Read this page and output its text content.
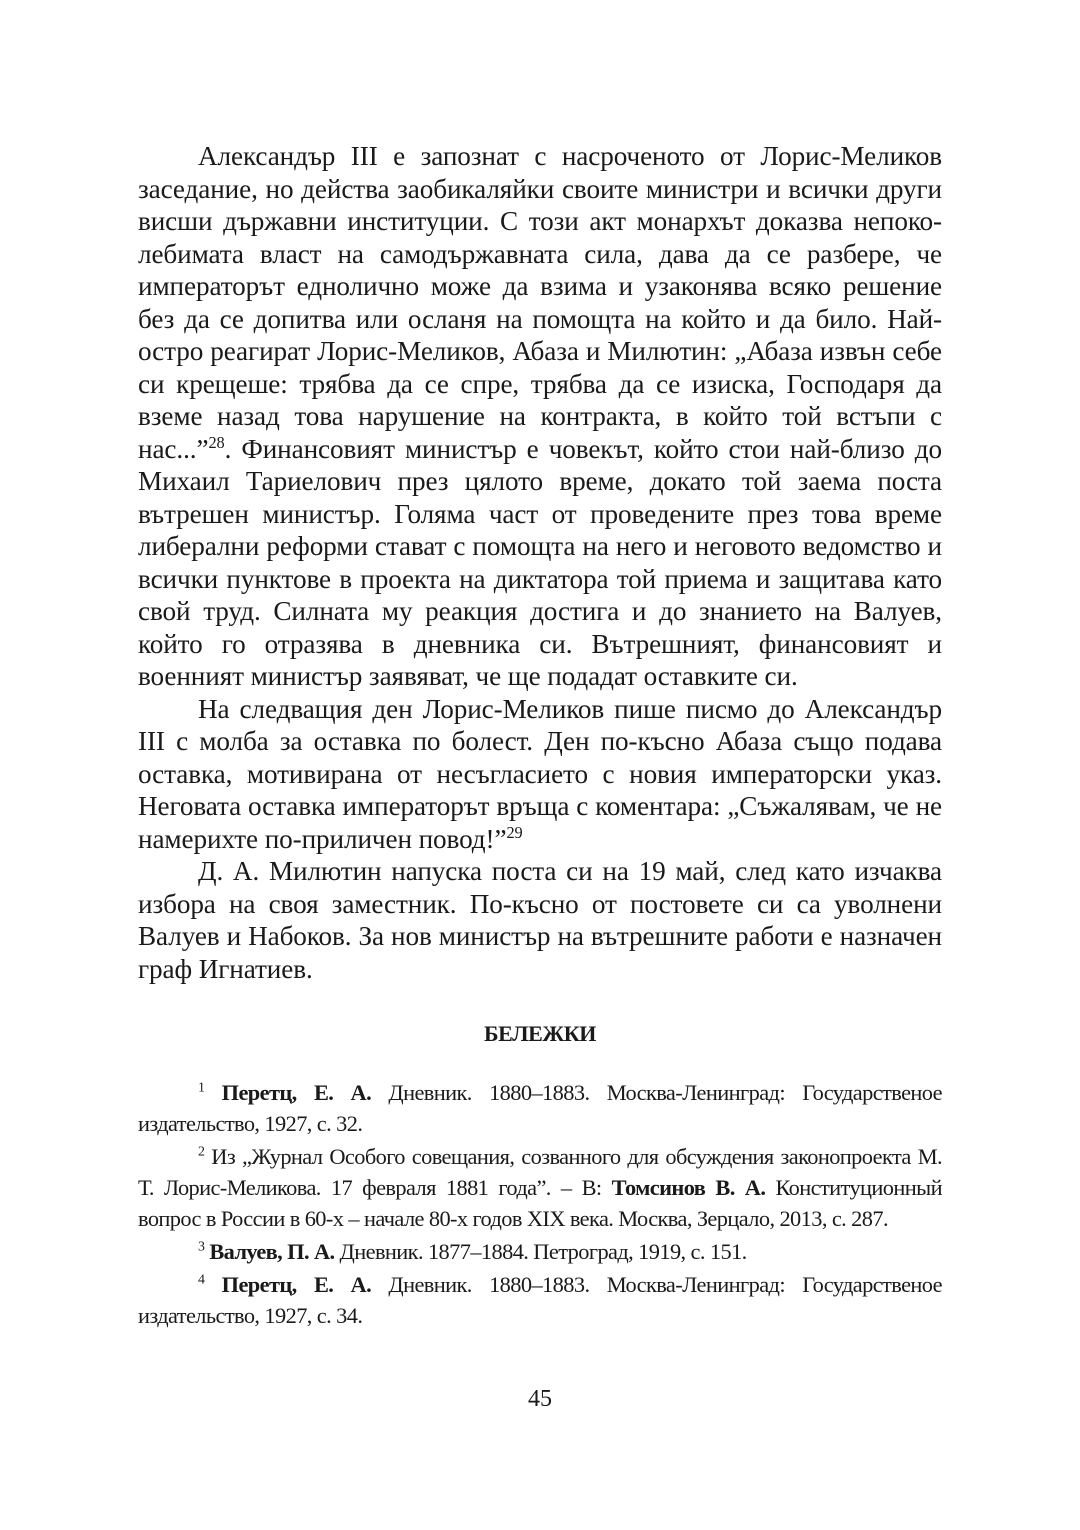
Александър III е запознат с насроченото от Лорис-Меликов заседание, но действа заобикаляйки своите министри и всички други висши държавни институции. С този акт монархът доказва непоко-лебимата власт на самодържавната сила, дава да се разбере, че императорът еднолично може да взима и узаконява всяко решение без да се допитва или осланя на помощта на който и да било. Най-остро реагират Лорис-Меликов, Абаза и Милютин: „Абаза извън себе си крещеше: трябва да се спре, трябва да се изиска, Господаря да вземе назад това нарушение на контракта, в който той встъпи с нас...”$^{28}$. Финансовият министър е човекът, който стои най-близо до Михаил Тариелович през цялото време, докато той заема поста вътрешен министър. Голяма част от проведените през това време либерални реформи стават с помощта на него и неговото ведомство и всички пунктове в проекта на диктатора той приема и защитава като свой труд. Силната му реакция достига и до знанието на Валуев, който го отразява в дневника си. Вътрешният, финансовият и военният министър заявяват, че ще подадат оставките си.

На следващия ден Лорис-Меликов пише писмо до Александър III с молба за оставка по болест. Ден по-късно Абаза също подава оставка, мотивирана от несъгласието с новия императорски указ. Неговата оставка императорът връща с коментара: „Съжалявам, че не намерихте по-приличен повод!”$^{29}$

Д. А. Милютин напуска поста си на 19 май, след като изчаква избора на своя заместник. По-късно от постовете си са уволнени Валуев и Набоков. За нов министър на вътрешните работи е назначен граф Игнатиев.

БЕЛЕЖКИ

$^1$ Перетц, Е. А. Дневник. 1880–1883. Москва-Ленинград: Государственое издательство, 1927, с. 32.

$^2$ Из „Журнал Особого совещания, созванного для обсуждения законопроекта М. Т. Лорис-Меликова. 17 февраля 1881 года”. – В: Томсинов В. А. Конституционный вопрос в России в 60-х – начале 80-х годов XIX века. Москва, Зерцало, 2013, с. 287.

$^3$ Валуев, П. А. Дневник. 1877–1884. Петроград, 1919, с. 151.

$^4$ Перетц, Е. А. Дневник. 1880–1883. Москва-Ленинград: Государственое издательство, 1927, с. 34.

45
